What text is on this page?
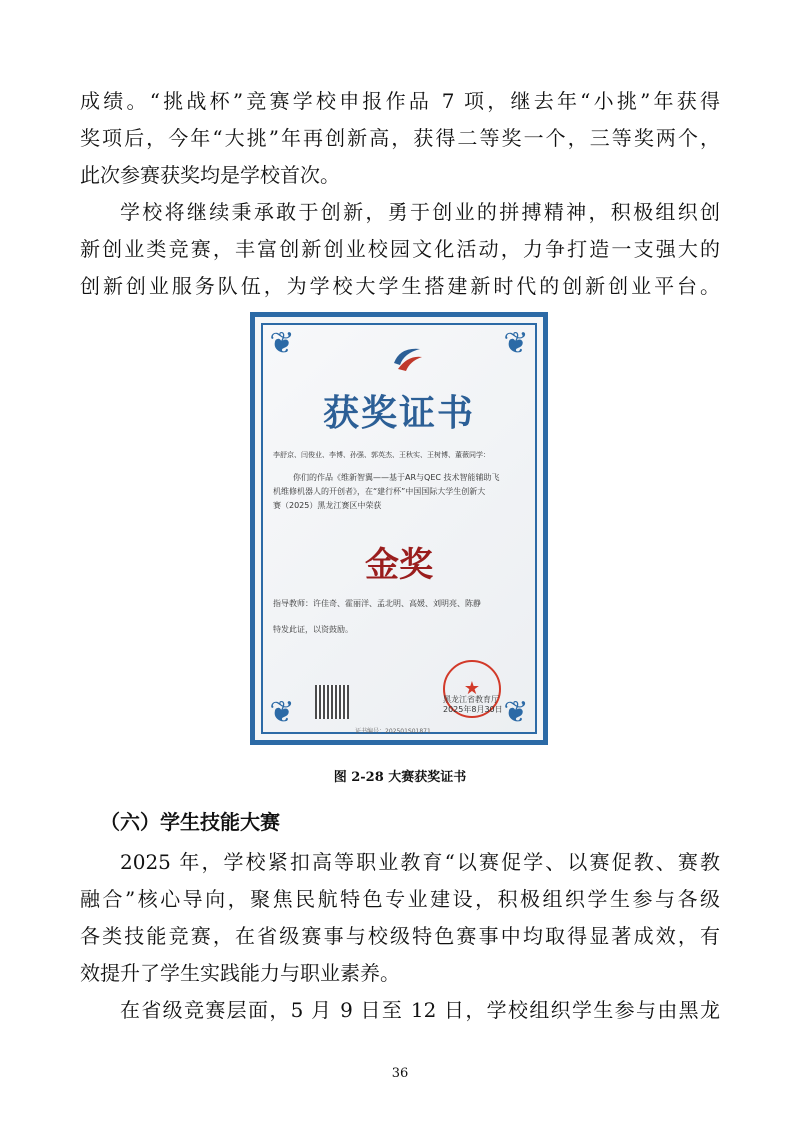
成绩。“挑战杯”竞赛学校申报作品 7 项，继去年“小挑”年获得
奖项后，今年“大挑”年再创新高，获得二等奖一个，三等奖两个，
此次参赛获奖均是学校首次。
学校将继续秉承敢于创新，勇于创业的拼搏精神，积极组织创
新创业类竞赛，丰富创新创业校园文化活动，力争打造一支强大的
创新创业服务队伍，为学校大学生搭建新时代的创新创业平台。
获奖证书
李舒京、闫俊业、李博、孙强、郭英杰、王秋实、王树博、董薇同学：
你们的作品《维新智翼——基于AR与QEC 技术智能辅助飞
机维修机器人的开创者》，在“建行杯”中国国际大学生创新大
赛（2025）黑龙江赛区中荣获
金奖
指导教师：许佳奇、霍丽洋、孟北明、高媛、刘明亮、陈静
特发此证，以资鼓励。
★
黑龙江省教育厅
2025年8月30日
证书编号：202501S01871
❦	❦
❦	❦
图 2-28 大赛获奖证书
（六）学生技能大赛
2025 年，学校紧扣高等职业教育“以赛促学、以赛促教、赛教
融合”核心导向，聚焦民航特色专业建设，积极组织学生参与各级
各类技能竞赛，在省级赛事与校级特色赛事中均取得显著成效，有
效提升了学生实践能力与职业素养。
在省级竞赛层面，5 月 9 日至 12 日，学校组织学生参与由黑龙
36
